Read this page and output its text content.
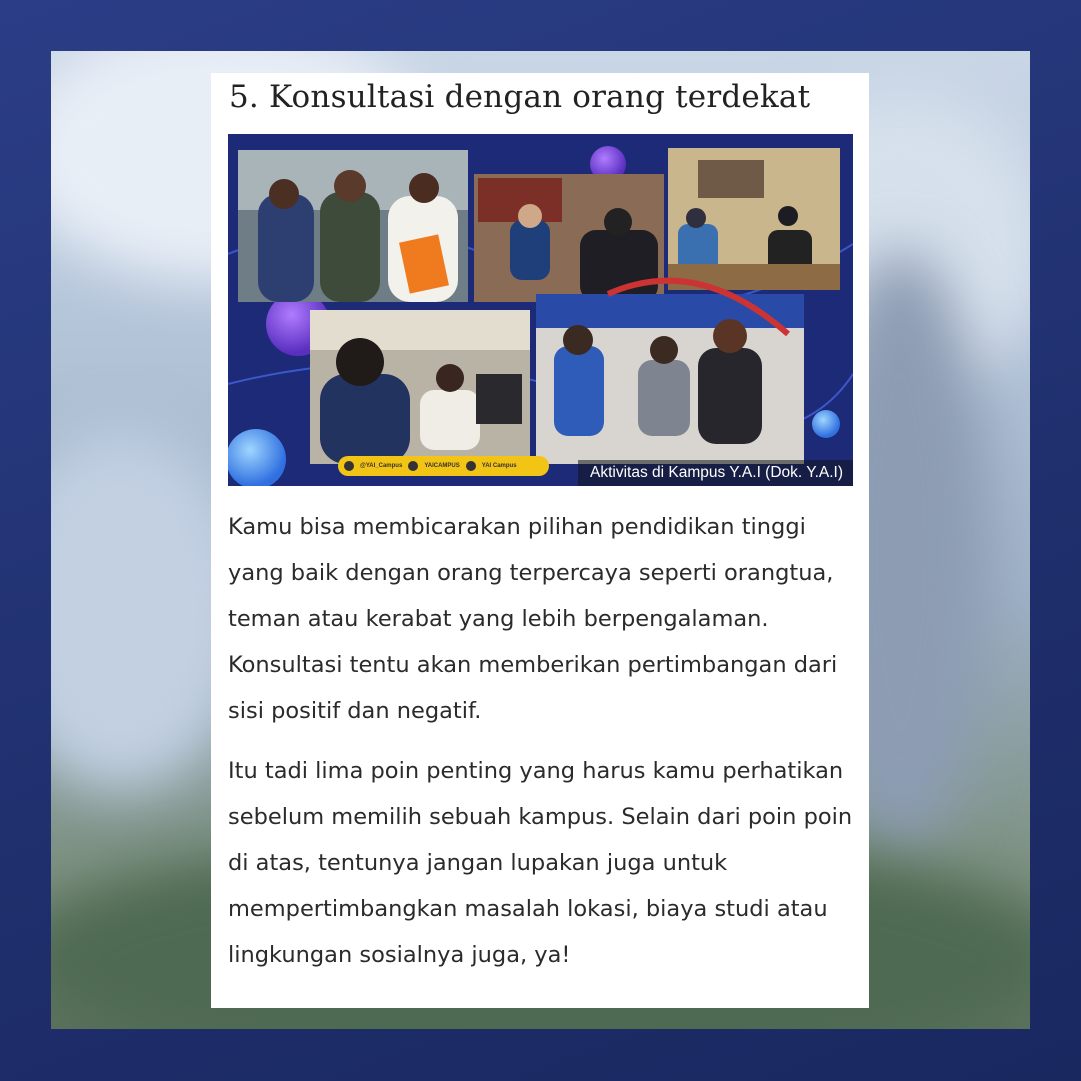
5. Konsultasi dengan orang terdekat
@YAI_Campus	YAICAMPUS	YAI Campus	Aktivitas di Kampus Y.A.I (Dok. Y.A.I)

Kamu bisa membicarakan pilihan pendidikan tinggi yang baik dengan orang terpercaya seperti orangtua, teman atau kerabat yang lebih berpengalaman. Konsultasi tentu akan memberikan pertimbangan dari sisi positif dan negatif.

Itu tadi lima poin penting yang harus kamu perhatikan sebelum memilih sebuah kampus. Selain dari poin poin di atas, tentunya jangan lupakan juga untuk mempertimbangkan masalah lokasi, biaya studi atau lingkungan sosialnya juga, ya!
